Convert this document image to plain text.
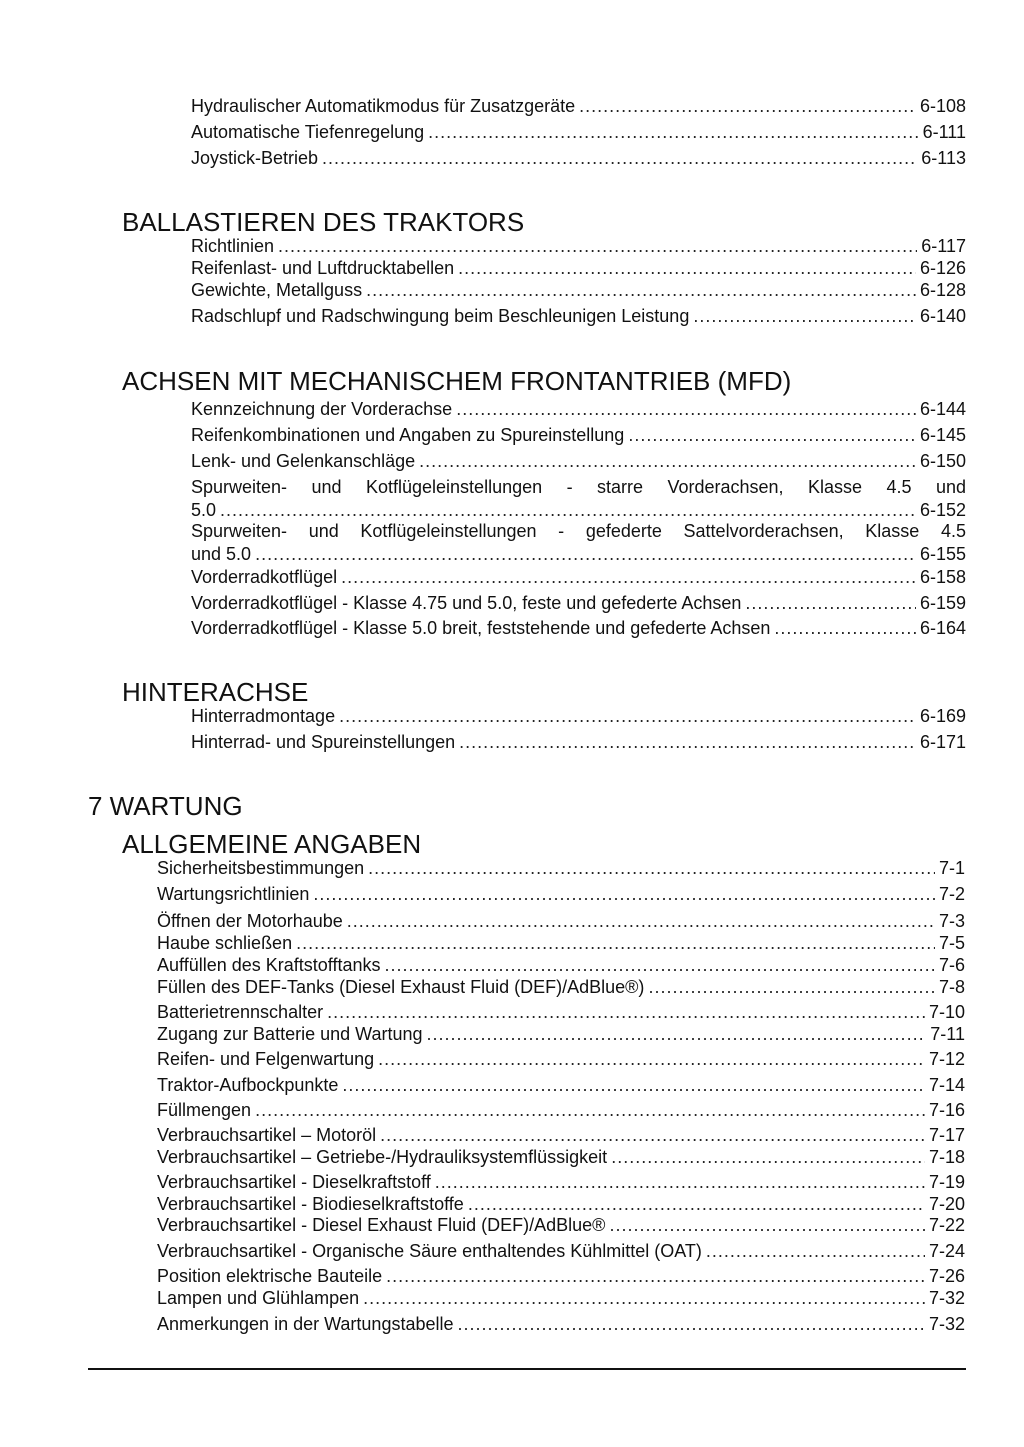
Hydraulischer Automatikmodus für Zusatzgeräte .....	6-108
Automatische Tiefenregelung .....	6-111
Joystick-Betrieb .....	6-113
BALLASTIEREN DES TRAKTORS
Richtlinien .....	6-117
Reifenlast- und Luftdrucktabellen .....	6-126
Gewichte, Metallguss .....	6-128
Radschlupf und Radschwingung beim Beschleunigen Leistung .....	6-140
ACHSEN MIT MECHANISCHEM FRONTANTRIEB (MFD)
Kennzeichnung der Vorderachse .....	6-144
Reifenkombinationen und Angaben zu Spureinstellung .....	6-145
Lenk- und Gelenkanschläge .....	6-150
Spurweiten- und Kotflügeleinstellungen - starre Vorderachsen, Klasse 4.5 und
5.0 .....	6-152
Spurweiten- und Kotflügeleinstellungen - gefederte Sattelvorderachsen, Klasse 4.5
und 5.0 .....	6-155
Vorderradkotflügel .....	6-158
Vorderradkotflügel - Klasse 4.75 und 5.0, feste und gefederte Achsen .....	6-159
Vorderradkotflügel - Klasse 5.0 breit, feststehende und gefederte Achsen .....	6-164
HINTERACHSE
Hinterradmontage .....	6-169
Hinterrad- und Spureinstellungen .....	6-171
7 WARTUNG
ALLGEMEINE ANGABEN
Sicherheitsbestimmungen .....	7-1
Wartungsrichtlinien .....	7-2
Öffnen der Motorhaube .....	7-3
Haube schließen .....	7-5
Auffüllen des Kraftstofftanks .....	7-6
Füllen des DEF-Tanks (Diesel Exhaust Fluid (DEF)/AdBlue®) .....	7-8
Batterietrennschalter .....	7-10
Zugang zur Batterie und Wartung .....	7-11
Reifen- und Felgenwartung .....	7-12
Traktor-Aufbockpunkte .....	7-14
Füllmengen .....	7-16
Verbrauchsartikel – Motoröl .....	7-17
Verbrauchsartikel – Getriebe-/Hydrauliksystemflüssigkeit .....	7-18
Verbrauchsartikel - Dieselkraftstoff .....	7-19
Verbrauchsartikel - Biodieselkraftstoffe .....	7-20
Verbrauchsartikel - Diesel Exhaust Fluid (DEF)/AdBlue® .....	7-22
Verbrauchsartikel - Organische Säure enthaltendes Kühlmittel (OAT) .....	7-24
Position elektrische Bauteile .....	7-26
Lampen und Glühlampen .....	7-32
Anmerkungen in der Wartungstabelle .....	7-32
